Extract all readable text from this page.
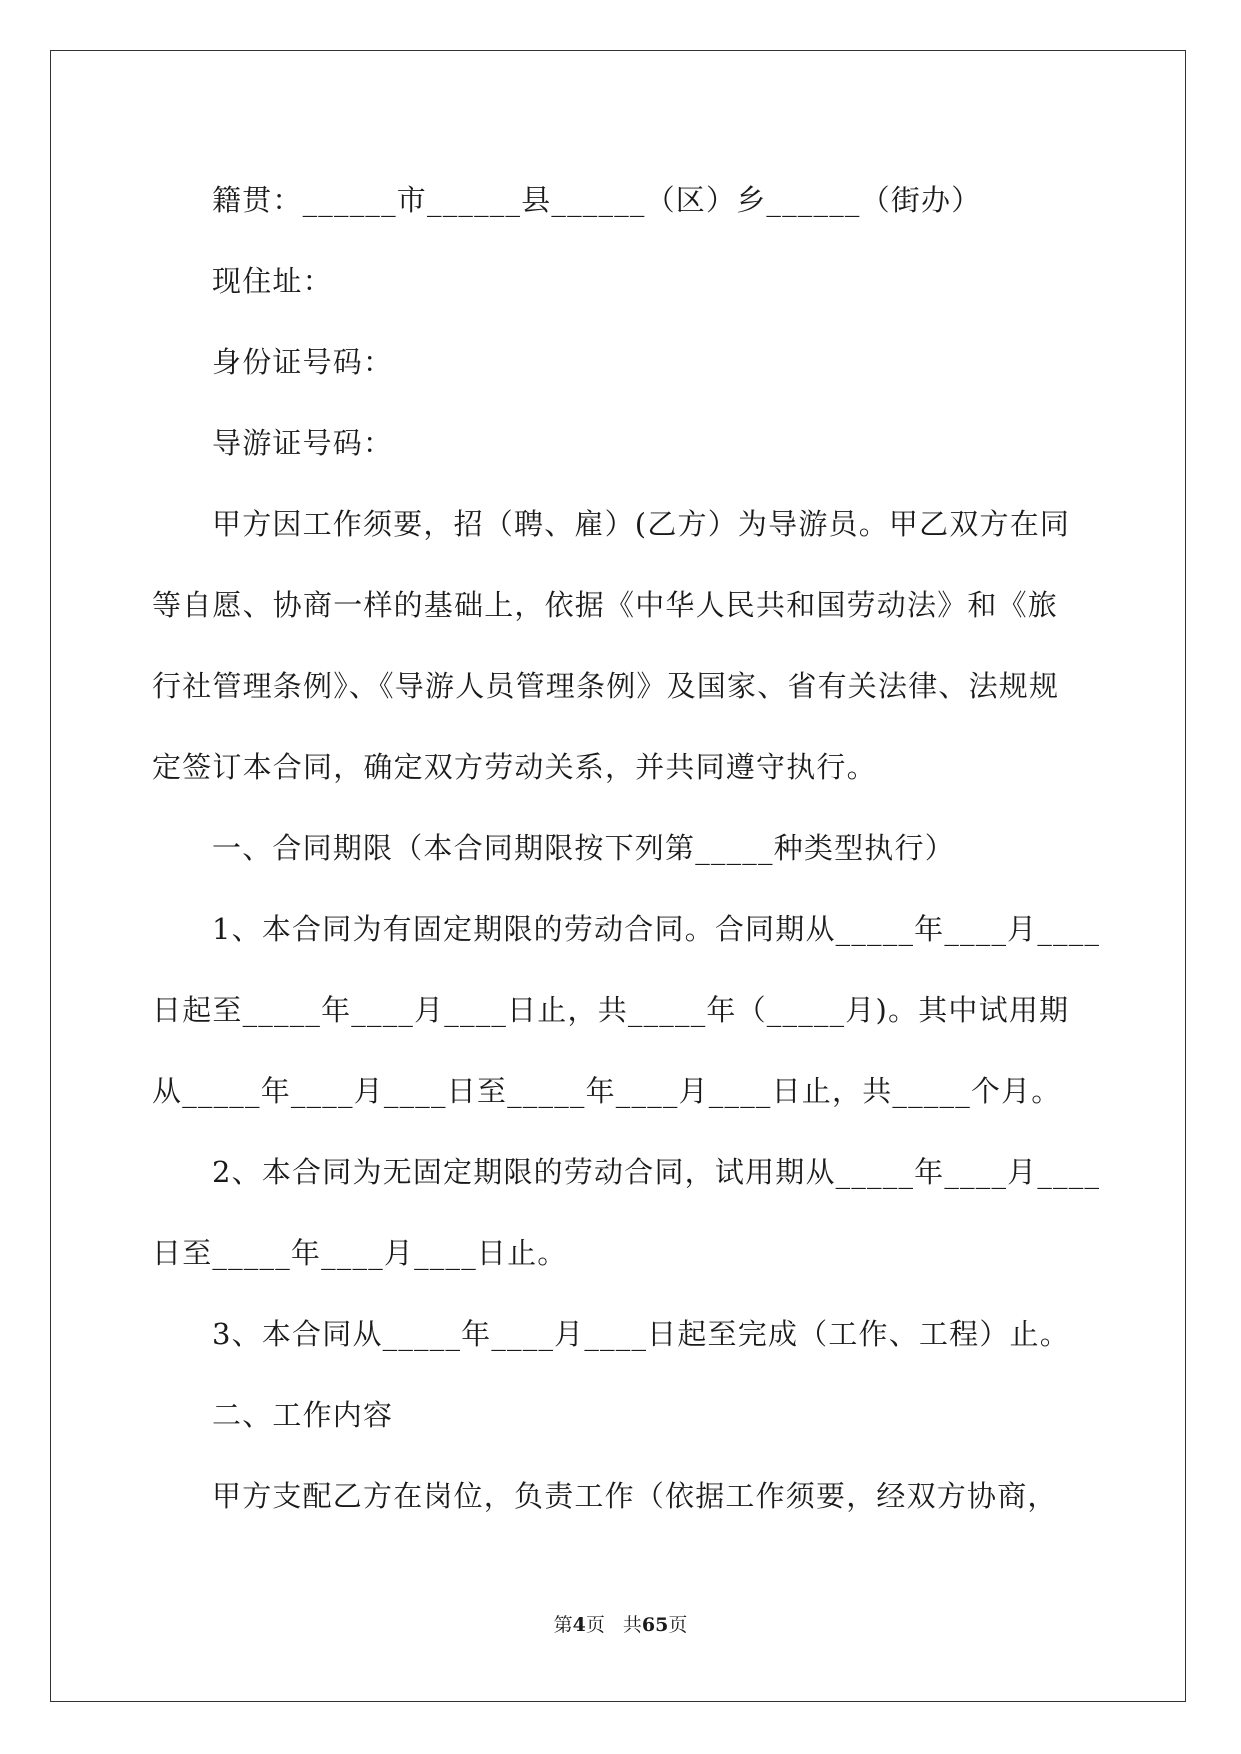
籍贯：______市______县______（区）乡______（街办）
现住址：
身份证号码：
导游证号码：
甲方因工作须要，招（聘、雇）(乙方）为导游员。甲乙双方在同
等自愿、协商一样的基础上，依据《中华人民共和国劳动法》和《旅
行社管理条例》、《导游人员管理条例》及国家、省有关法律、法规规
定签订本合同，确定双方劳动关系，并共同遵守执行。
一、合同期限（本合同期限按下列第_____种类型执行）
1、本合同为有固定期限的劳动合同。合同期从_____年____月____
日起至_____年____月____日止，共_____年（_____月)。其中试用期
从_____年____月____日至_____年____月____日止，共_____个月。
2、本合同为无固定期限的劳动合同，试用期从_____年____月____
日至_____年____月____日止。
3、本合同从_____年____月____日起至完成（工作、工程）止。
二、工作内容
甲方支配乙方在岗位，负责工作（依据工作须要，经双方协商，
第4页 共65页
